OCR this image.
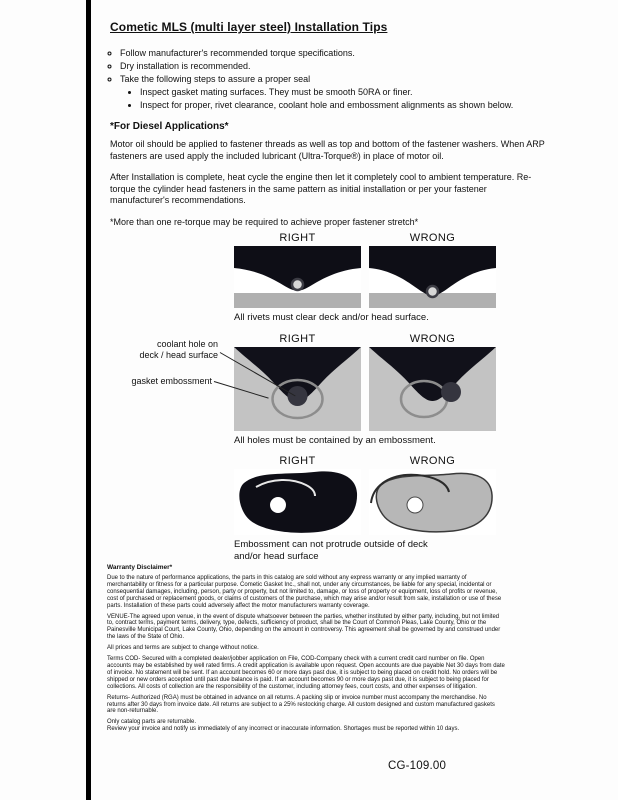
Cometic MLS (multi layer steel) Installation Tips
◦ Follow manufacturer's recommended torque specifications.
◦ Dry installation is recommended.
◦ Take the following steps to assure a proper seal
• Inspect gasket mating surfaces. They must be smooth 50RA or finer.
• Inspect for proper, rivet clearance, coolant hole and embossment alignments as shown below.
*For Diesel Applications*

Motor oil should be applied to fastener threads as well as top and bottom of the fastener washers. When ARP fasteners are used apply the included lubricant (Ultra-Torque®) in place of motor oil.

After Installation is complete, heat cycle the engine then let it completely cool to ambient temperature. Re-torque the cylinder head fasteners in the same pattern as initial installation or per your fastener manufacturer's recommendations.

*More than one re-torque may be required to achieve proper fastener stretch*

RIGHT	WRONG
All rivets must clear deck and/or head surface.
RIGHT	WRONG
All holes must be contained by an embossment.
RIGHT	WRONG
Embossment can not protrude outside of deck and/or head surface
coolant hole on
deck / head surface
gasket embossment
Warranty Disclaimer*

Due to the nature of performance applications, the parts in this catalog are sold without any express warranty or any implied warranty of merchantability or fitness for a particular purpose. Cometic Gasket Inc., shall not, under any circumstances, be liable for any special, incidental or consequential damages, including, person, party or property, but not limited to, damage, or loss of property or equipment, loss of profits or revenue, cost of purchased or replacement goods, or claims of customers of the purchase, which may arise and/or result from sale, installation or use of these parts. Installation of these parts could adversely affect the motor manufacturers warranty coverage.

VENUE-The agreed upon venue, in the event of dispute whatsoever between the parties, whether instituted by either party, including, but not limited to, contract terms, payment terms, delivery, type, defects, sufficiency of product, shall be the Court of Common Pleas, Lake County, Ohio or the Painesville Municipal Court, Lake County, Ohio, depending on the amount in controversy. This agreement shall be governed by and construed under the laws of the State of Ohio.

All prices and terms are subject to change without notice.

Terms COD- Secured with a completed dealer/jobber application on File, COD-Company check with a current credit card number on file. Open accounts may be established by well rated firms. A credit application is available upon request. Open accounts are due payable Net 30 days from date of invoice. No statement will be sent. If an account becomes 60 or more days past due, it is subject to being placed on credit hold. No orders will be shipped or new orders accepted until past due balance is paid. If an account becomes 90 or more days past due, it is subject to being placed for collections. All costs of collection are the responsibility of the customer, including attorney fees, court costs, and other expenses of litigation.

Returns- Authorized (RGA) must be obtained in advance on all returns. A packing slip or invoice number must accompany the merchandise. No returns after 30 days from invoice date. All returns are subject to a 25% restocking charge. All custom designed and custom manufactured gaskets are non-returnable.

Only catalog parts are returnable.

Review your invoice and notify us immediately of any incorrect or inaccurate information. Shortages must be reported within 10 days.

CG-109.00
